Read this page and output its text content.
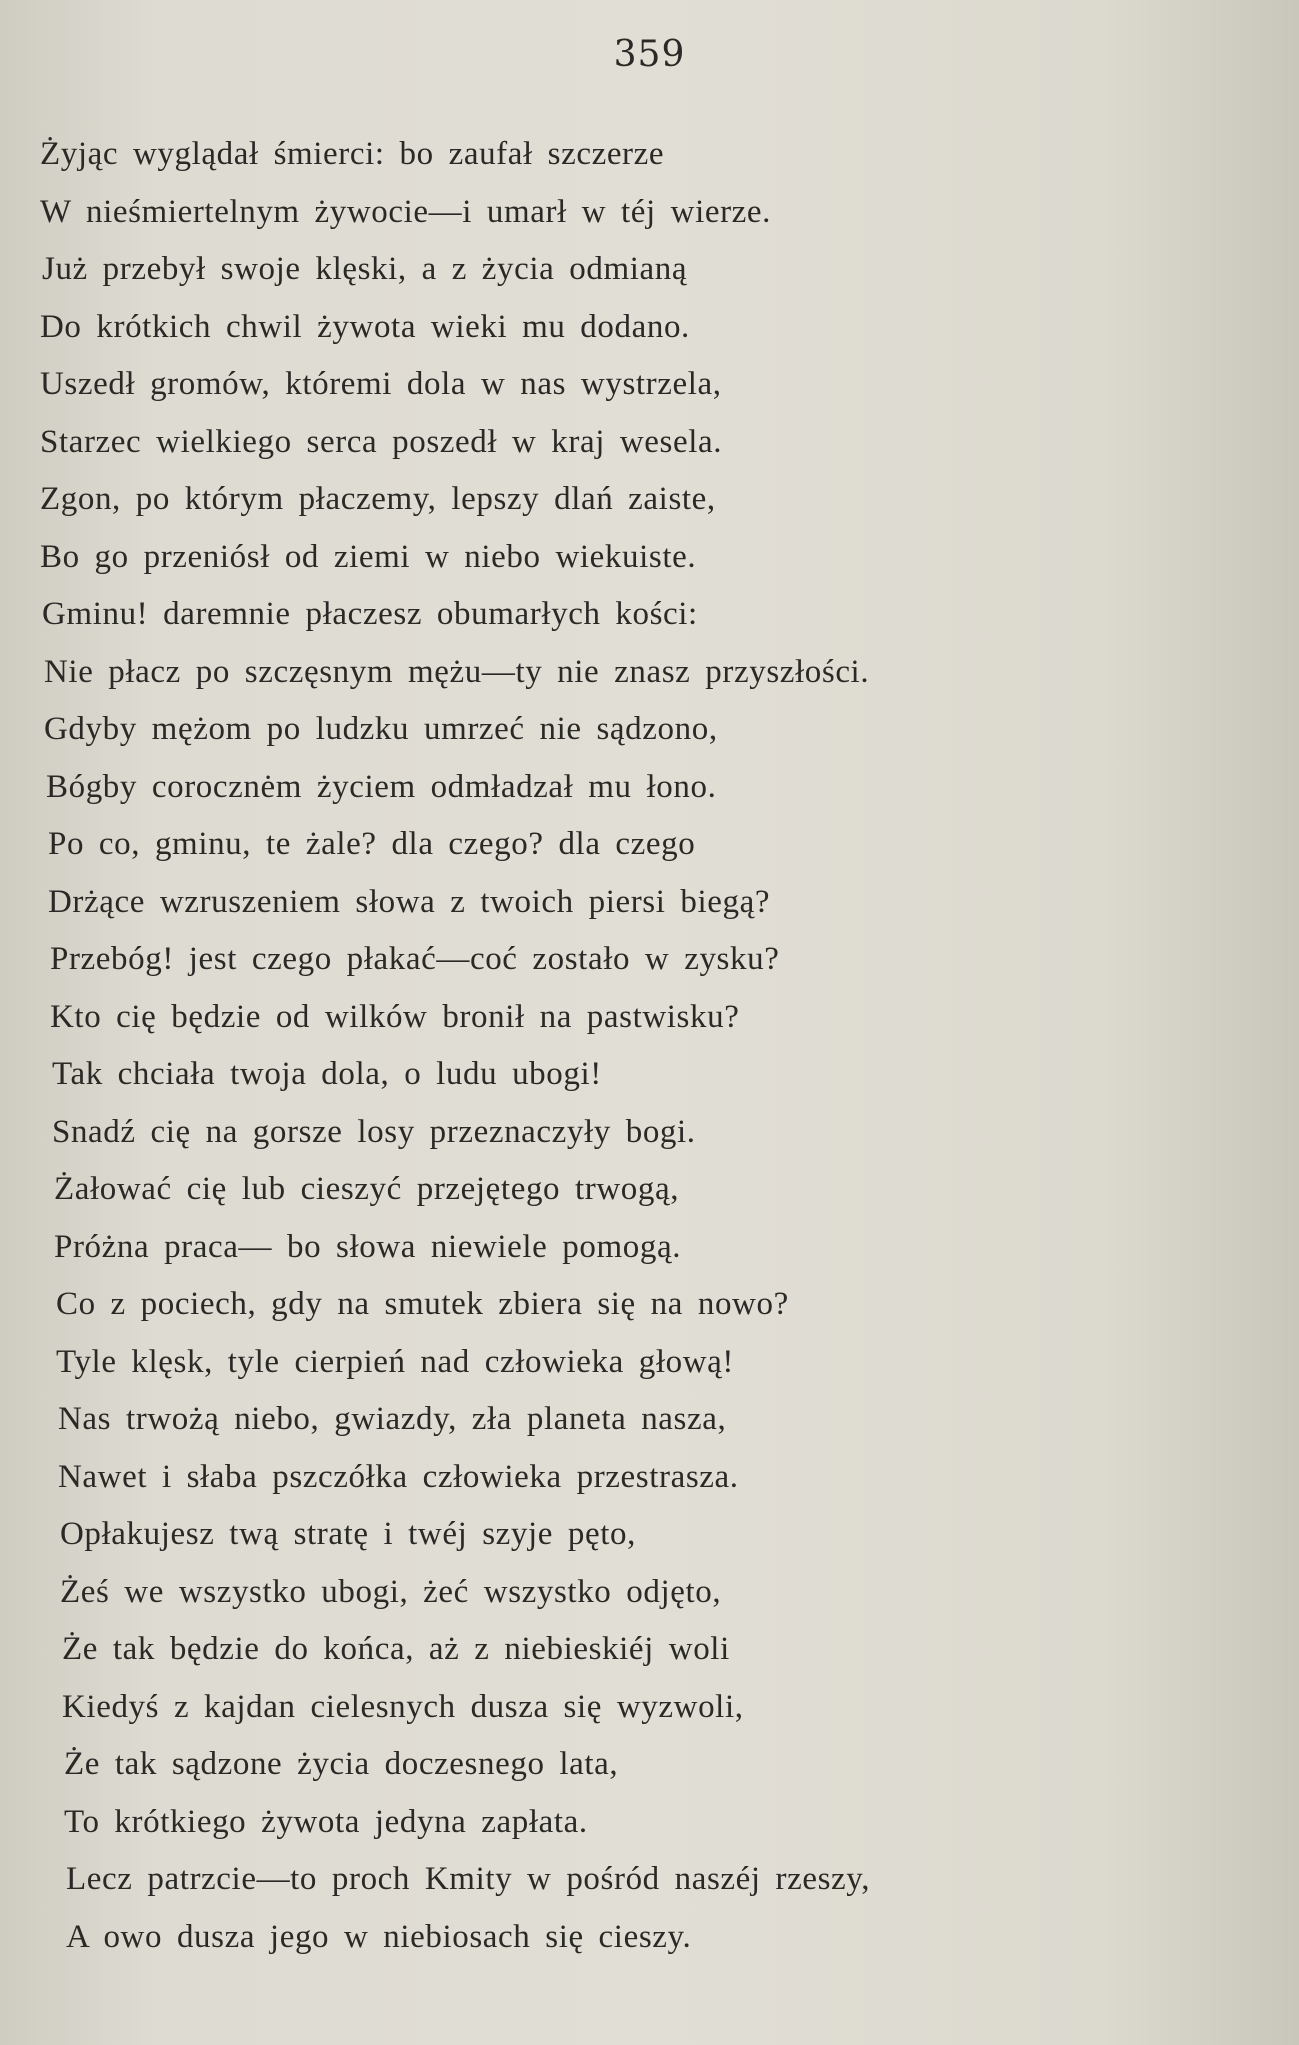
359
Żyjąc wyglądał śmierci: bo zaufał szczerze
W nieśmiertelnym żywocie—i umarł w téj wierze.
Już przebył swoje klęski, a z życia odmianą
Do krótkich chwil żywota wieki mu dodano.
Uszedł gromów, któremi dola w nas wystrzela,
Starzec wielkiego serca poszedł w kraj wesela.
Zgon, po którym płaczemy, lepszy dlań zaiste,
Bo go przeniósł od ziemi w niebo wiekuiste.
Gminu! daremnie płaczesz obumarłych kości:
Nie płacz po szczęsnym mężu—ty nie znasz przyszłości.
Gdyby mężom po ludzku umrzeć nie sądzono,
Bógby corocznėm życiem odmładzał mu łono.
Po co, gminu, te żale? dla czego? dla czego
Drżące wzruszeniem słowa z twoich piersi biegą?
Przebóg! jest czego płakać—coć zostało w zysku?
Kto cię będzie od wilków bronił na pastwisku?
Tak chciała twoja dola, o ludu ubogi!
Snadź cię na gorsze losy przeznaczyły bogi.
Żałować cię lub cieszyć przejętego trwogą,
Próżna praca— bo słowa niewiele pomogą.
Co z pociech, gdy na smutek zbiera się na nowo?
Tyle klęsk, tyle cierpień nad człowieka głową!
Nas trwożą niebo, gwiazdy, zła planeta nasza,
Nawet i słaba pszczółka człowieka przestrasza.
Opłakujesz twą stratę i twéj szyje pęto,
Żeś we wszystko ubogi, żeć wszystko odjęto,
Że tak będzie do końca, aż z niebieskiéj woli
Kiedyś z kajdan cielesnych dusza się wyzwoli,
Że tak sądzone życia doczesnego lata,
To krótkiego żywota jedyna zapłata.
Lecz patrzcie—to proch Kmity w pośród naszéj rzeszy,
A owo dusza jego w niebiosach się cieszy.
